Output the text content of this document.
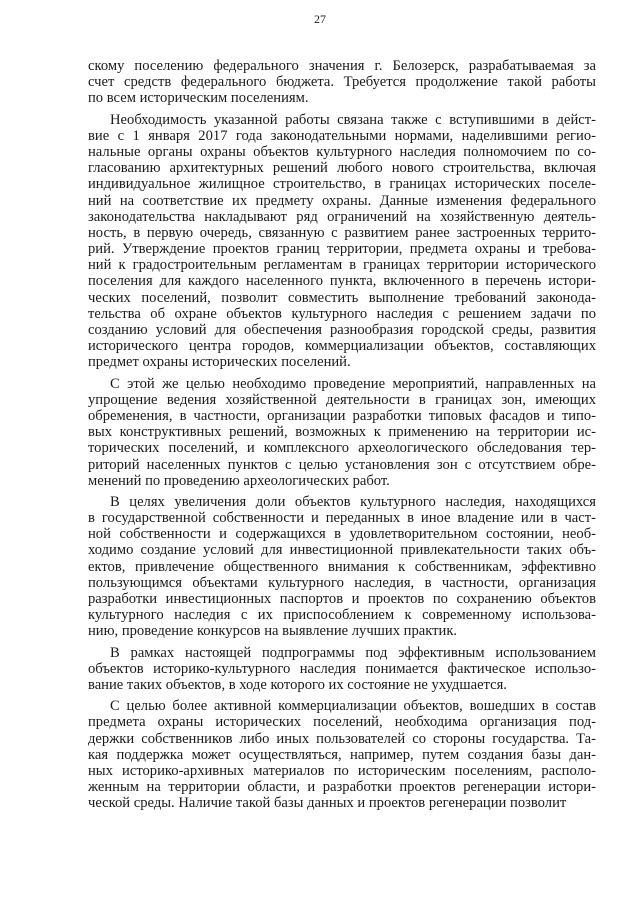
27
скому поселению федерального значения г. Белозерск, разрабатываемая за
счет средств федерального бюджета. Требуется продолжение такой работы
по всем историческим поселениям.
Необходимость указанной работы связана также с вступившими в дейст-
вие с 1 января 2017 года законодательными нормами, наделившими регио-
нальные органы охраны объектов культурного наследия полномочием по со-
гласованию архитектурных решений любого нового строительства, включая
индивидуальное жилищное строительство, в границах исторических поселе-
ний на соответствие их предмету охраны. Данные изменения федерального
законодательства накладывают ряд ограничений на хозяйственную деятель-
ность, в первую очередь, связанную с развитием ранее застроенных террито-
рий. Утверждение проектов границ территории, предмета охраны и требова-
ний к градостроительным регламентам в границах территории исторического
поселения для каждого населенного пункта, включенного в перечень истори-
ческих поселений, позволит совместить выполнение требований законода-
тельства об охране объектов культурного наследия с решением задачи по
созданию условий для обеспечения разнообразия городской среды, развития
исторического центра городов, коммерциализации объектов, составляющих
предмет охраны исторических поселений.
С этой же целью необходимо проведение мероприятий, направленных на
упрощение ведения хозяйственной деятельности в границах зон, имеющих
обременения, в частности, организации разработки типовых фасадов и типо-
вых конструктивных решений, возможных к применению на территории ис-
торических поселений, и комплексного археологического обследования тер-
риторий населенных пунктов с целью установления зон с отсутствием обре-
менений по проведению археологических работ.
В целях увеличения доли объектов культурного наследия, находящихся
в государственной собственности и переданных в иное владение или в част-
ной собственности и содержащихся в удовлетворительном состоянии, необ-
ходимо создание условий для инвестиционной привлекательности таких объ-
ектов, привлечение общественного внимания к собственникам, эффективно
пользующимся объектами культурного наследия, в частности, организация
разработки инвестиционных паспортов и проектов по сохранению объектов
культурного наследия с их приспособлением к современному использова-
нию, проведение конкурсов на выявление лучших практик.
В рамках настоящей подпрограммы под эффективным использованием
объектов историко-культурного наследия понимается фактическое использо-
вание таких объектов, в ходе которого их состояние не ухудшается.
С целью более активной коммерциализации объектов, вошедших в состав
предмета охраны исторических поселений, необходима организация под-
держки собственников либо иных пользователей со стороны государства. Та-
кая поддержка может осуществляться, например, путем создания базы дан-
ных историко-архивных материалов по историческим поселениям, располо-
женным на территории области, и разработки проектов регенерации истори-
ческой среды. Наличие такой базы данных и проектов регенерации позволит
